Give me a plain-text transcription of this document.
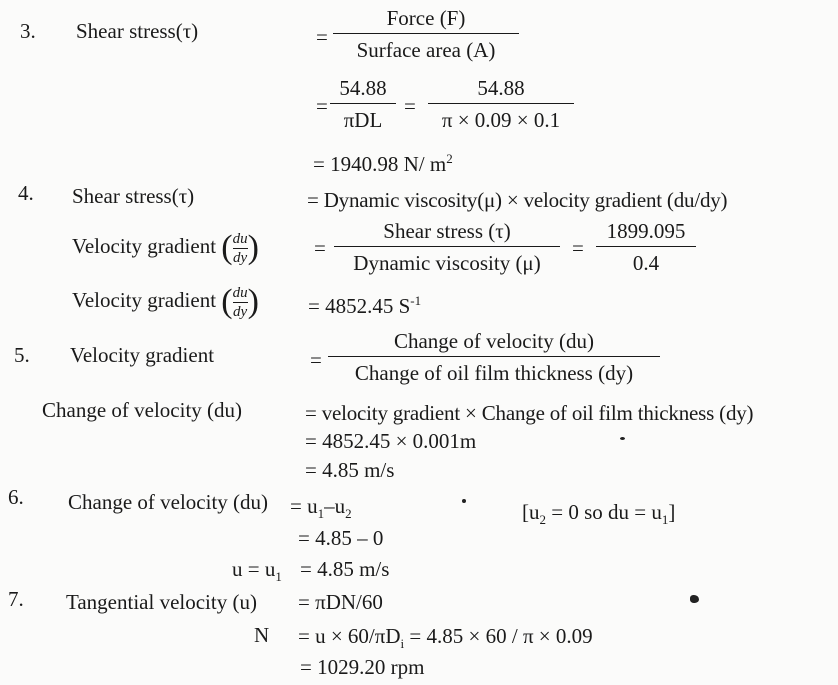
3. Shear stress(τ)	=
Force (F)
Surface area (A)
=
54.88
πDL
=
54.88
π × 0.09 × 0.1
= 1940.98 N/ $m^2$
4. Shear stress(τ)	= Dynamic viscosity(μ) × velocity gradient (du/dy)
Velocity gradient ( $\frac{du}{dy}$ )	=
Shear stress (τ)
Dynamic viscosity (μ)
=
1899.095
0.4
Velocity gradient ( $\frac{du}{dy}$ ) = 4852.45 $S^{-1}$
5. Velocity gradient	=
Change of velocity (du)
Change of oil film thickness (dy)
Change of velocity (du)	= velocity gradient × Change of oil film thickness (dy)
= 4852.45 × 0.001m
= 4.85 m/s
6. Change of velocity $(du) = u_1-u_2$	[$u_2 = 0$ so du = $u_1$]
= 4.85 – 0
$u = u_1 = 4.85$ m/s
7. Tangential velocity (u) = πDN/60
$N = u \times 60/\pi D_i = 4.85 \times 60 / \pi \times 0.09$
= 1029.20 rpm
